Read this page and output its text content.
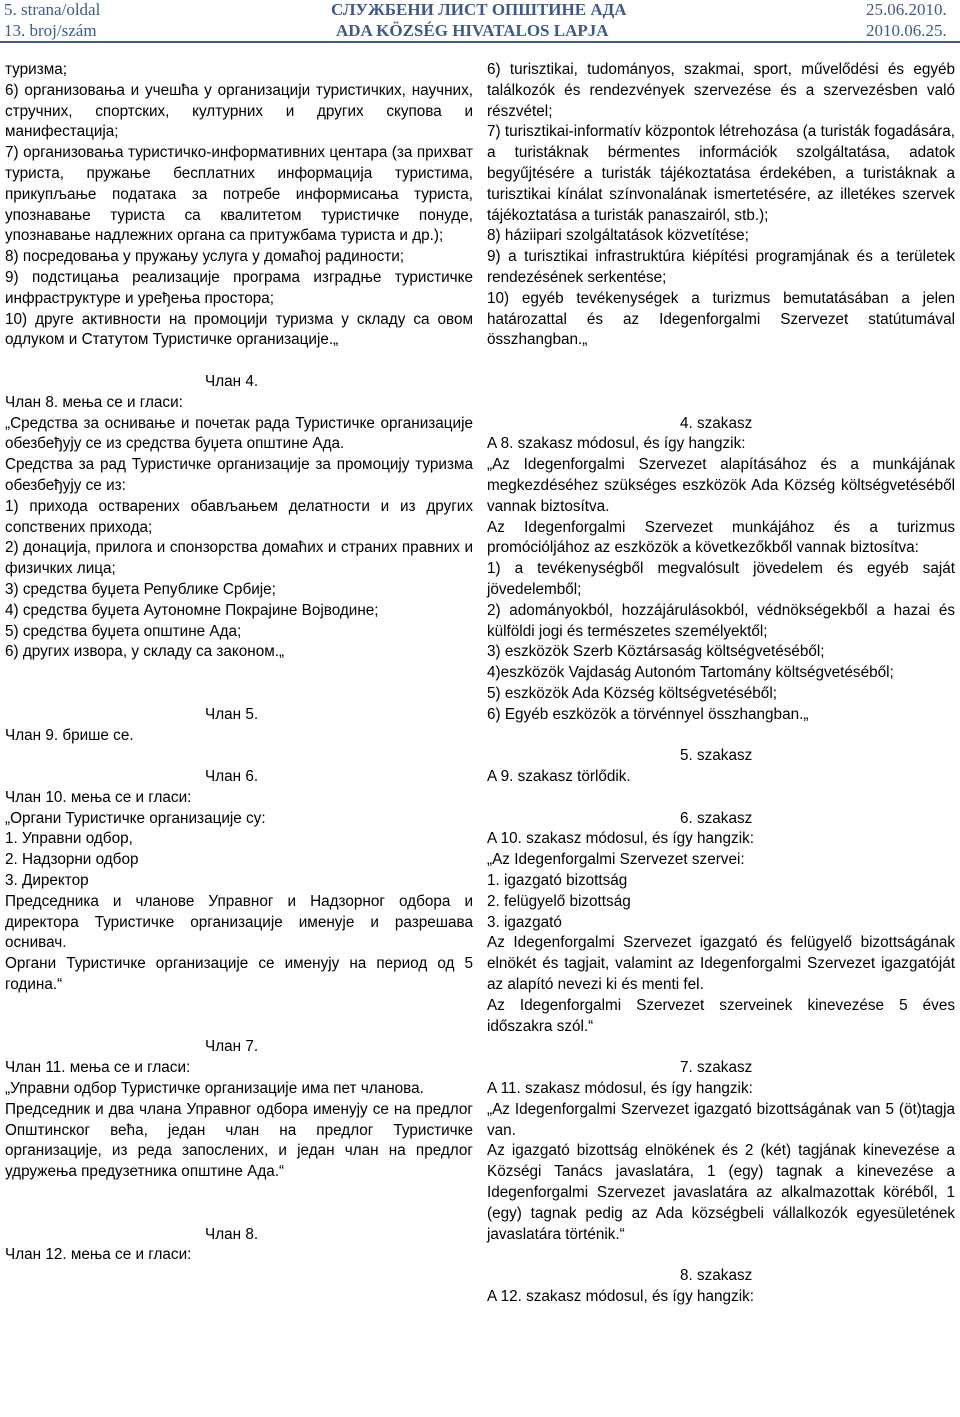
5. strana/oldal
13. broj/szám
СЛУЖБЕНИ ЛИСТ ОПШТИНЕ АДА
ADA KÖZSÉG HIVATALOS LAPJA
25.06.2010.
2010.06.25.

туризма;

6) организовања и учешћа у организацији туристичких, научних, стручних, спортских, културних и других скупова и манифестација;

7) организовања туристичко-информативних центара (за прихват туриста, пружање бесплатних информација туристима, прикупљање података за потребе информисања туриста, упознавање туриста са квалитетом туристичке понуде, упознавање надлежних органа са притужбама туриста и др.);

8) посредовања у пружању услуга у домаћој радиности;

9) подстицања реализације програма изградње туристичке инфраструктуре и уређења простора;

10) друге активности на промоцији туризма у складу са овом одлуком и Статутом Туристичке организације.„

Члан 4.

Члан 8. мења се и гласи:

„Средства за оснивање и почетак рада Туристичке организације обезбеђују се из средства буџета општине Ада.

Средства за рад Туристичке организације за промоцију туризма обезбеђују се из:

1) прихода остварених обављањем делатности и из других сопствених прихода;

2) донација, прилога и спонзорства домаћих и страних правних и физичких лица;

3) средства буџета Републике Србије;

4) средства буџета Аутономне Покрајине Војводине;

5) средства буџета општине Ада;

6) других извора, у складу са законом.„

Члан 5.

Члан 9. брише се.

Члан 6.

Члан 10. мења се и гласи:

„Органи Туристичке организације су:

1. Управни одбор,

2. Надзорни одбор

3. Директор

Председника и чланове Управног и Надзорног одбора и директора Туристичке организације именује и разрешава оснивач.

Органи Туристичке организације се именују на период од 5 година.“

Члан 7.

Члан 11. мења се и гласи:

„Управни одбор Туристичке организације има пет чланова.

Председник и два члана Управног одбора именују се на предлог Општинског већа, један члан на предлог Туристичке организације, из реда запослених, и један члан на предлог удружења предузетника општине Ада.“

Члан 8.

Члан 12. мења се и гласи:

6) turisztikai, tudományos, szakmai, sport, művelődési és egyéb találkozók és rendezvények szervezése és a szervezésben való részvétel;

7) turisztikai-informatív központok létrehozása (a turisták fogadására, a turistáknak bérmentes információk szolgáltatása, adatok begyűjtésére a turisták tájékoztatása érdekében, a turistáknak a turisztikai kínálat színvonalának ismertetésére, az illetékes szervek tájékoztatása a turisták panaszairól, stb.);

8) háziipari szolgáltatások közvetítése;

9) a turisztikai infrastruktúra kiépítési programjának és a területek rendezésének serkentése;

10) egyéb tevékenységek a turizmus bemutatásában a jelen határozattal és az Idegenforgalmi Szervezet statútumával összhangban.„

4. szakasz

A 8. szakasz módosul, és így hangzik:

„Az Idegenforgalmi Szervezet alapításához és a munkájának megkezdéséhez szükséges eszközök Ada Község költségvetéséből vannak biztosítva.

Az Idegenforgalmi Szervezet munkájához és a turizmus promócióljához az eszközök a következőkből vannak biztosítva:

1) a tevékenységből megvalósult jövedelem és egyéb saját jövedelemből;

2) adományokból, hozzájárulásokból, védnökségekből a hazai és külföldi jogi és természetes személyektől;

3) eszközök Szerb Köztársaság költségvetéséből;

4)eszközök Vajdaság Autonóm Tartomány költségvetéséből;

5) eszközök Ada Község költségvetéséből;

6) Egyéb eszközök a törvénnyel összhangban.„

5. szakasz

A 9. szakasz törlődik.

6. szakasz

A 10. szakasz módosul, és így hangzik:

„Az Idegenforgalmi Szervezet szervei:

1. igazgató bizottság

2. felügyelő bizottság

3. igazgató

Az Idegenforgalmi Szervezet igazgató és felügyelő bizottságának elnökét és tagjait, valamint az Idegenforgalmi Szervezet igazgatóját az alapító nevezi ki és menti fel.

Az Idegenforgalmi Szervezet szerveinek kinevezése 5 éves időszakra szól.“

7. szakasz

A 11. szakasz módosul, és így hangzik:

„Az Idegenforgalmi Szervezet igazgató bizottságának van 5 (öt)tagja van.

Az igazgató bizottság elnökének és 2 (két) tagjának kinevezése a Községi Tanács javaslatára, 1 (egy) tagnak a kinevezése a Idegenforgalmi Szervezet javaslatára az alkalmazottak köréből, 1 (egy) tagnak pedig az Ada községbeli vállalkozók egyesületének javaslatára történik.“

8. szakasz

A 12. szakasz módosul, és így hangzik:
